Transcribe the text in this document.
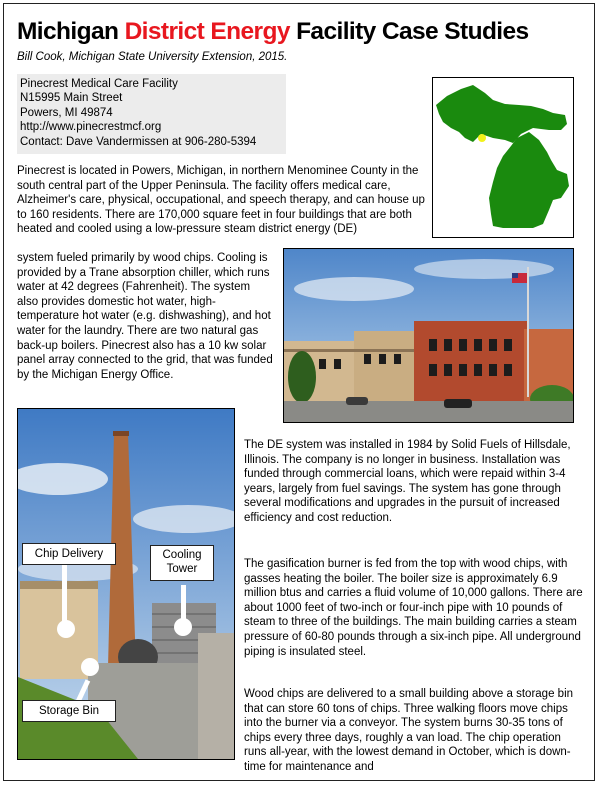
Michigan District Energy Facility Case Studies
Bill Cook, Michigan State University Extension, 2015.
Pinecrest Medical Care Facility
N15995 Main Street
Powers, MI 49874
http://www.pinecrestmcf.org
Contact: Dave Vandermissen at 906-280-5394
Pinecrest is located in Powers, Michigan, in northern Menominee County in the south central part of the Upper Peninsula. The facility offers medical care, Alzheimer's care, physical, occupational, and speech therapy, and can house up to 160 residents. There are 170,000 square feet in four buildings that are both heated and cooled using a low-pressure steam district energy (DE)
system fueled primarily by wood chips. Cooling is provided by a Trane absorption chiller, which runs water at 42 degrees (Fahrenheit). The system also provides domestic hot water, high-temperature hot water (e.g. dishwashing), and hot water for the laundry. There are two natural gas back-up boilers. Pinecrest also has a 10 kw solar panel array connected to the grid, that was funded by the Michigan Energy Office.
Chip Delivery	Cooling
Tower
Storage Bin
The DE system was installed in 1984 by Solid Fuels of Hillsdale, Illinois. The company is no longer in business. Installation was funded through commercial loans, which were repaid within 3-4 years, largely from fuel savings. The system has gone through several modifications and upgrades in the pursuit of increased efficiency and cost reduction.
The gasification burner is fed from the top with wood chips, with gasses heating the boiler. The boiler size is approximately 6.9 million btus and carries a fluid volume of 10,000 gallons. There are about 1000 feet of two-inch or four-inch pipe with 10 pounds of steam to three of the buildings. The main building carries a steam pressure of 60-80 pounds through a six-inch pipe. All underground piping is insulated steel.
Wood chips are delivered to a small building above a storage bin that can store 60 tons of chips. Three walking floors move chips into the burner via a conveyor. The system burns 30-35 tons of chips every three days, roughly a van load. The chip operation runs all-year, with the lowest demand in October, which is down-time for maintenance and
